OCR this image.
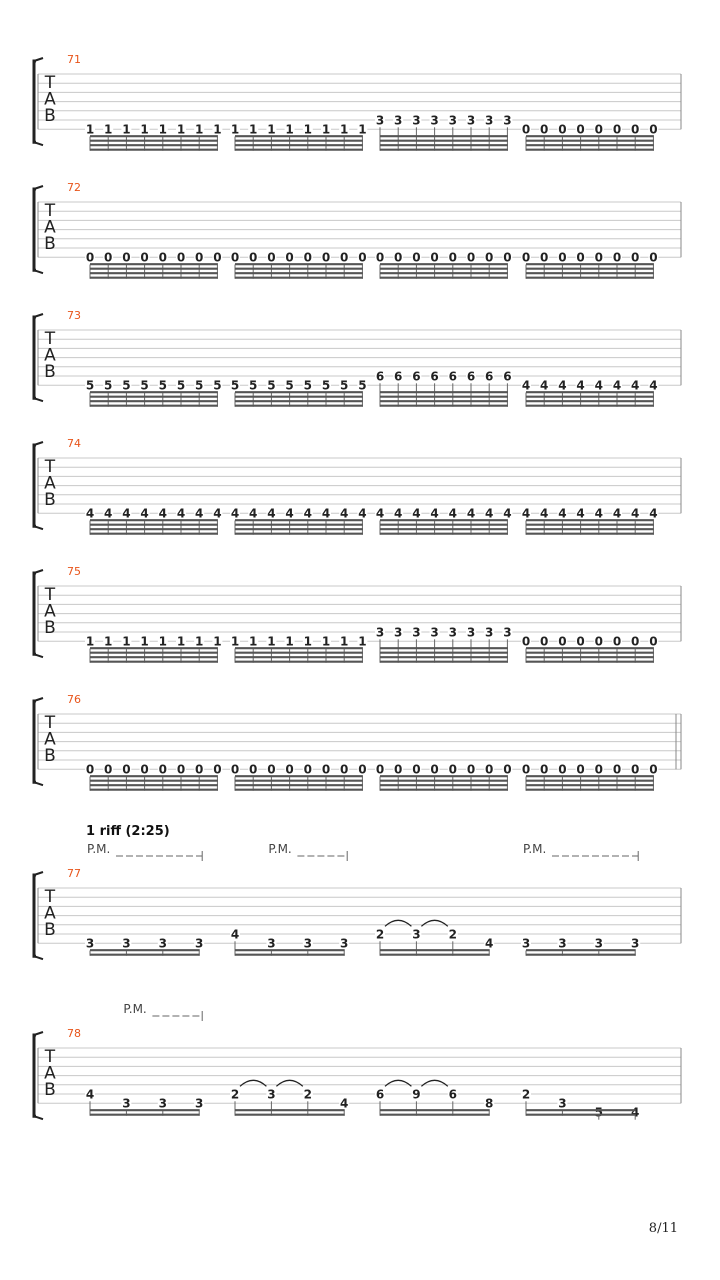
T
A
B
71
1 1 1 1 1 1 1 1 1 1 1 1 1 1 1 1
3 3 3 3 3 3 3 3
0 0 0 0 0 0 0 0
T
A
B
72
0 0 0 0 0 0 0 0 0 0 0 0 0 0 0 0 0 0 0 0 0 0 0 0 0 0 0 0 0 0 0 0
T
A
B
73
5 5 5 5 5 5 5 5 5 5 5 5 5 5 5 5
6 6 6 6 6 6 6 6
4 4 4 4 4 4 4 4
T
A
B
74
4 4 4 4 4 4 4 4 4 4 4 4 4 4 4 4 4 4 4 4 4 4 4 4 4 4 4 4 4 4 4 4
T
A
B
75
1 1 1 1 1 1 1 1 1 1 1 1 1 1 1 1
3 3 3 3 3 3 3 3
0 0 0 0 0 0 0 0
T
A
B
76
0 0 0 0 0 0 0 0 0 0 0 0 0 0 0 0 0 0 0 0 0 0 0 0 0 0 0 0 0 0 0 0
T
A
B
77
3 3 3 3
4
3 3 3
2 3 2
4 3 3 3 3
P.M.	P.M.	P.M.
1 riff (2:25)
T
A
B
78
4
3 3 3
2 3 2
4
6 9 6
8
2
3
5 4
P.M.
8/11
